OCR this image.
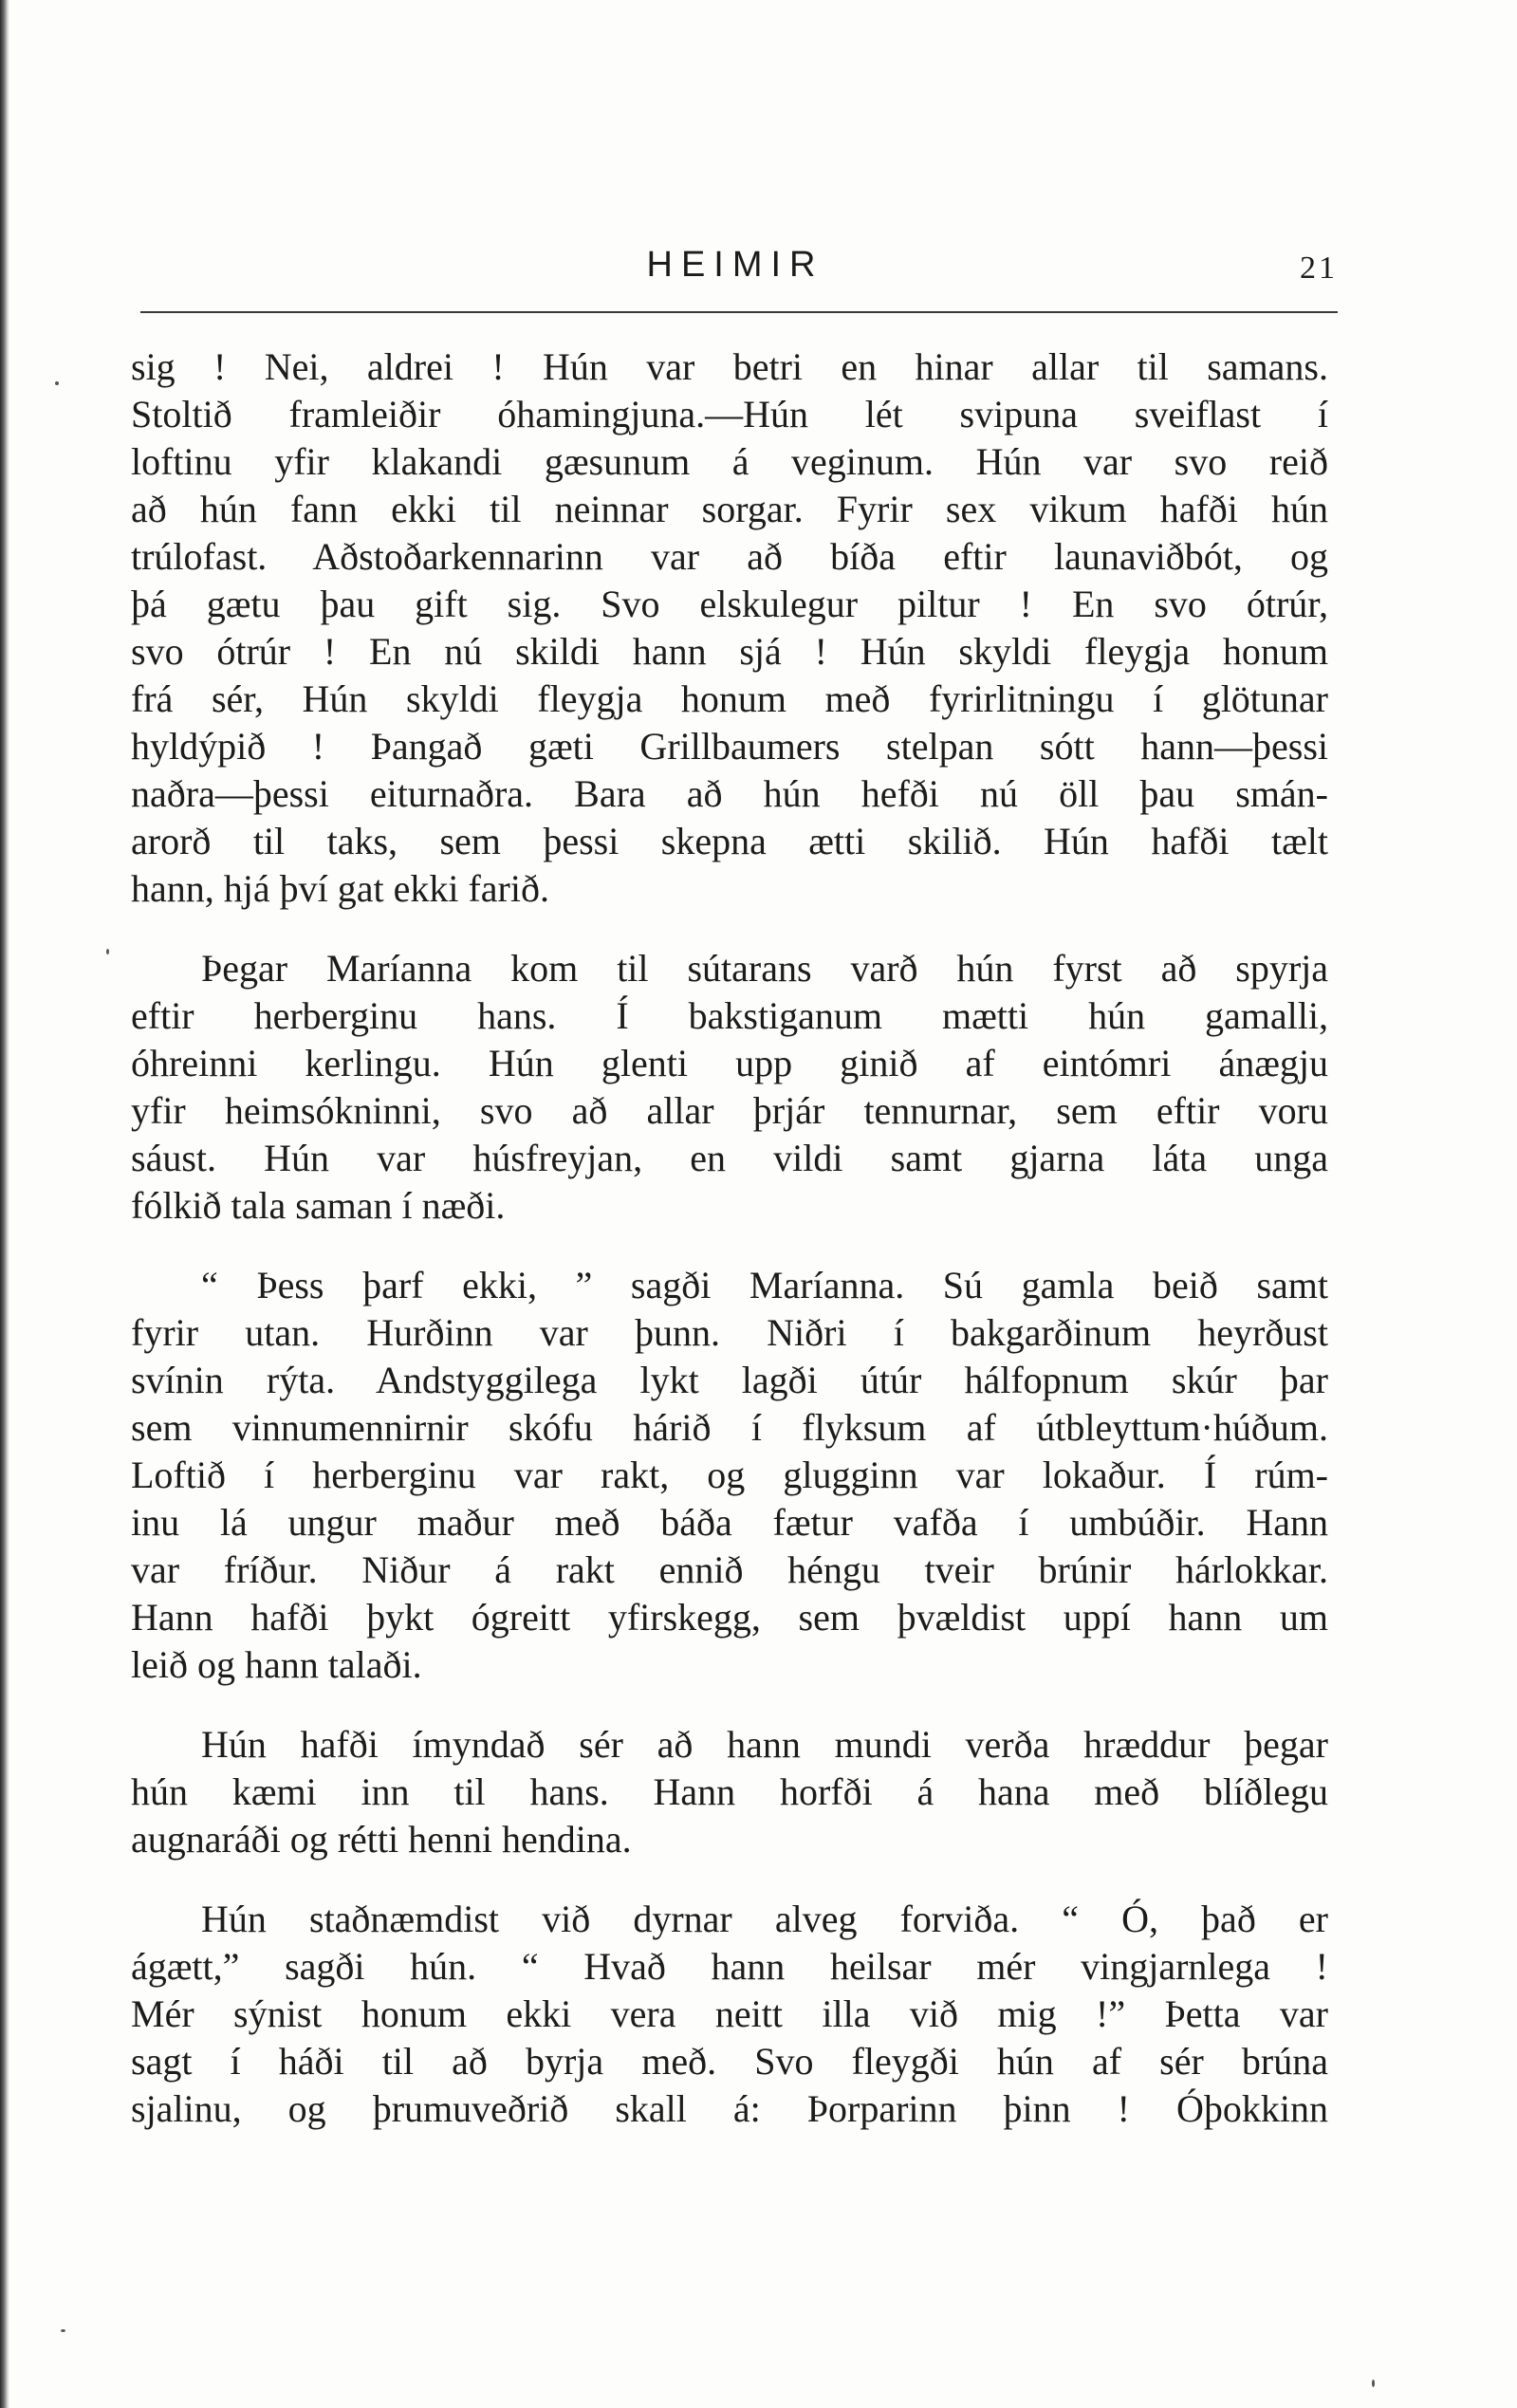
HEIMIR	21
sig ! Nei, aldrei ! Hún var betri en hinar allar til samans.
Stoltið framleiðir óhamingjuna.—Hún lét svipuna sveiflast í
loftinu yfir klakandi gæsunum á veginum. Hún var svo reið
að hún fann ekki til neinnar sorgar. Fyrir sex vikum hafði hún
trúlofast. Aðstoðarkennarinn var að bíða eftir launaviðbót, og
þá gætu þau gift sig. Svo elskulegur piltur ! En svo ótrúr,
svo ótrúr ! En nú skildi hann sjá ! Hún skyldi fleygja honum
frá sér, Hún skyldi fleygja honum með fyrirlitningu í glötunar
hyldýpið ! Þangað gæti Grillbaumers stelpan sótt hann—þessi
naðra—þessi eiturnaðra. Bara að hún hefði nú öll þau smán-
arorð til taks, sem þessi skepna ætti skilið. Hún hafði tælt
hann, hjá því gat ekki farið.
Þegar Maríanna kom til sútarans varð hún fyrst að spyrja
eftir herberginu hans. Í bakstiganum mætti hún gamalli,
óhreinni kerlingu. Hún glenti upp ginið af eintómri ánægju
yfir heimsókninni, svo að allar þrjár tennurnar, sem eftir voru
sáust. Hún var húsfreyjan, en vildi samt gjarna láta unga
fólkið tala saman í næði.
“ Þess þarf ekki, ” sagði Maríanna. Sú gamla beið samt
fyrir utan. Hurðinn var þunn. Niðri í bakgarðinum heyrðust
svínin rýta. Andstyggilega lykt lagði útúr hálfopnum skúr þar
sem vinnumennirnir skófu hárið í flyksum af útbleyttum·húðum.
Loftið í herberginu var rakt, og glugginn var lokaður. Í rúm-
inu lá ungur maður með báða fætur vafða í umbúðir. Hann
var fríður. Niður á rakt ennið héngu tveir brúnir hárlokkar.
Hann hafði þykt ógreitt yfirskegg, sem þvældist uppí hann um
leið og hann talaði.
Hún hafði ímyndað sér að hann mundi verða hræddur þegar
hún kæmi inn til hans. Hann horfði á hana með blíðlegu
augnaráði og rétti henni hendina.
Hún staðnæmdist við dyrnar alveg forviða. “ Ó, það er
ágætt,” sagði hún. “ Hvað hann heilsar mér vingjarnlega !
Mér sýnist honum ekki vera neitt illa við mig !” Þetta var
sagt í háði til að byrja með. Svo fleygði hún af sér brúna
sjalinu, og þrumuveðrið skall á: Þorparinn þinn ! Óþokkinn
